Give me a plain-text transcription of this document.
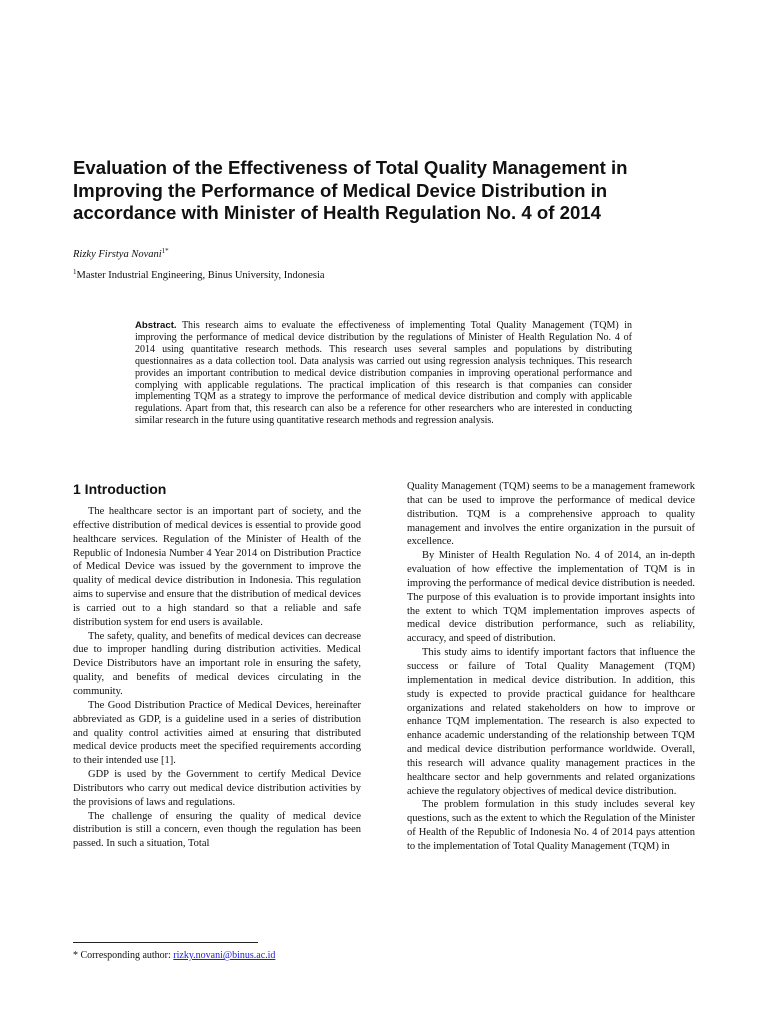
Evaluation of the Effectiveness of Total Quality Management in
Improving the Performance of Medical Device Distribution in
accordance with Minister of Health Regulation No. 4 of 2014
Rizky Firstya Novani$^{1*}$
$^1$Master Industrial Engineering, Binus University, Indonesia

Abstract. This research aims to evaluate the effectiveness of implementing Total Quality Management (TQM) in improving the performance of medical device distribution by the regulations of Minister of Health Regulation No. 4 of 2014 using quantitative research methods. This research uses several samples and populations by distributing questionnaires as a data collection tool. Data analysis was carried out using regression analysis techniques. This research provides an important contribution to medical device distribution companies in improving operational performance and complying with applicable regulations. The practical implication of this research is that companies can consider implementing TQM as a strategy to improve the performance of medical device distribution and comply with applicable regulations. Apart from that, this research can also be a reference for other researchers who are interested in conducting similar research in the future using quantitative research methods and regression analysis.

1 Introduction

The healthcare sector is an important part of society, and the effective distribution of medical devices is essential to provide good healthcare services. Regulation of the Minister of Health of the Republic of Indonesia Number 4 Year 2014 on Distribution Practice of Medical Device was issued by the government to improve the quality of medical device distribution in Indonesia. This regulation aims to supervise and ensure that the distribution of medical devices is carried out to a high standard so that a reliable and safe distribution system for end users is available.

The safety, quality, and benefits of medical devices can decrease due to improper handling during distribution activities. Medical Device Distributors have an important role in ensuring the safety, quality, and benefits of medical devices circulating in the community.

The Good Distribution Practice of Medical Devices, hereinafter abbreviated as GDP, is a guideline used in a series of distribution and quality control activities aimed at ensuring that distributed medical device products meet the specified requirements according to their intended use [1].

GDP is used by the Government to certify Medical Device Distributors who carry out medical device distribution activities by the provisions of laws and regulations.

The challenge of ensuring the quality of medical device distribution is still a concern, even though the regulation has been passed. In such a situation, Total

Quality Management (TQM) seems to be a management framework that can be used to improve the performance of medical device distribution. TQM is a comprehensive approach to quality management and involves the entire organization in the pursuit of excellence.

By Minister of Health Regulation No. 4 of 2014, an in-depth evaluation of how effective the implementation of TQM is in improving the performance of medical device distribution is needed. The purpose of this evaluation is to provide important insights into the extent to which TQM implementation improves aspects of medical device distribution performance, such as reliability, accuracy, and speed of distribution.

This study aims to identify important factors that influence the success or failure of Total Quality Management (TQM) implementation in medical device distribution. In addition, this study is expected to provide practical guidance for healthcare organizations and related stakeholders on how to improve or enhance TQM implementation. The research is also expected to enhance academic understanding of the relationship between TQM and medical device distribution performance worldwide. Overall, this research will advance quality management practices in the healthcare sector and help governments and related organizations achieve the regulatory objectives of medical device distribution.

The problem formulation in this study includes several key questions, such as the extent to which the Regulation of the Minister of Health of the Republic of Indonesia No. 4 of 2014 pays attention to the implementation of Total Quality Management (TQM) in

* Corresponding author: rizky.novani@binus.ac.id
